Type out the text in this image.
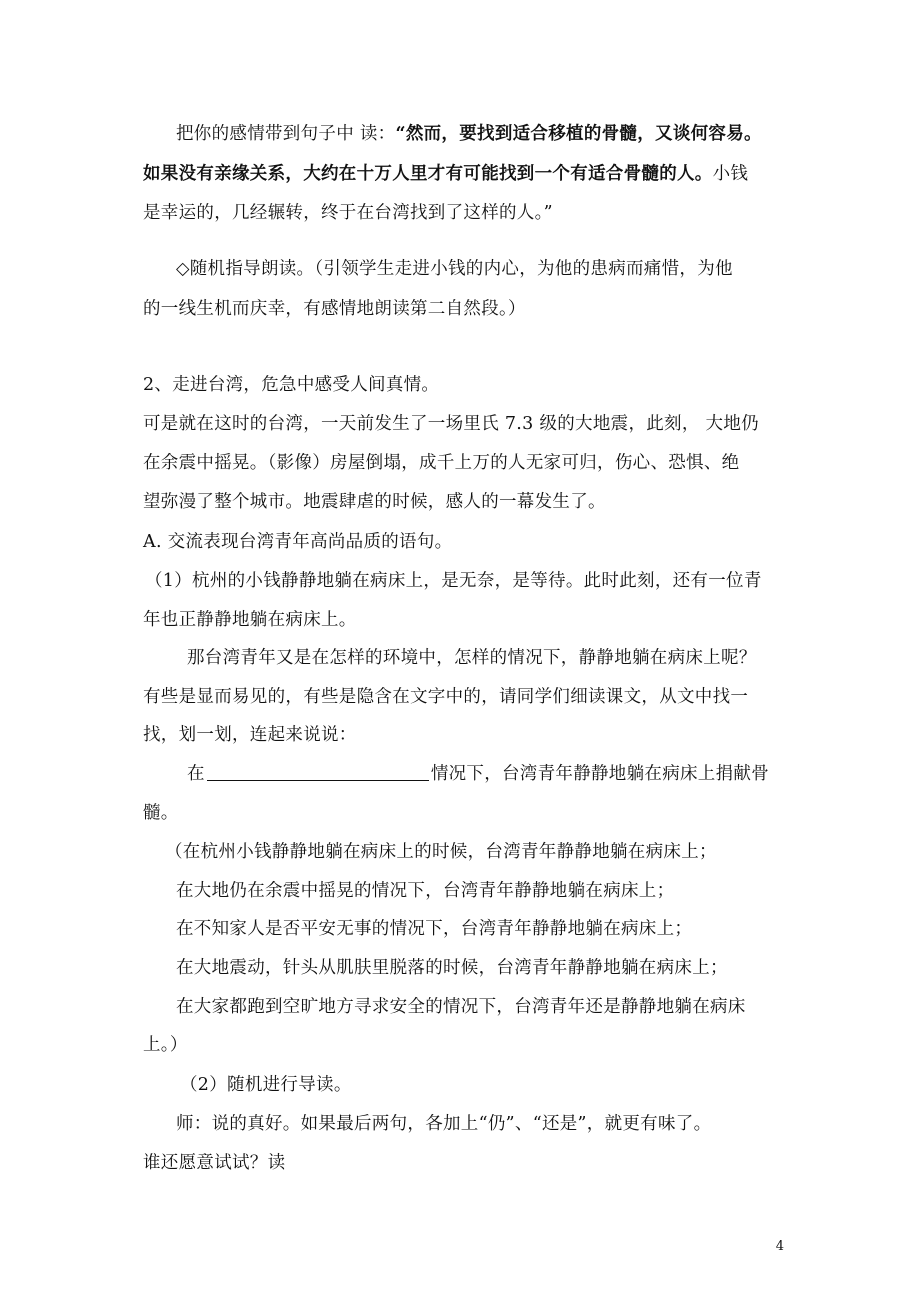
把你的感情带到句子中 读：“然而，要找到适合移植的骨髓，又谈何容易。
如果没有亲缘关系，大约在十万人里才有可能找到一个有适合骨髓的人。小钱
是幸运的，几经辗转，终于在台湾找到了这样的人。”
◇随机指导朗读。（引领学生走进小钱的内心，为他的患病而痛惜，为他
的一线生机而庆幸，有感情地朗读第二自然段。）
2、走进台湾，危急中感受人间真情。
可是就在这时的台湾，一天前发生了一场里氏 7.3 级的大地震，此刻， 大地仍
在余震中摇晃。（影像）房屋倒塌，成千上万的人无家可归，伤心、恐惧、绝
望弥漫了整个城市。地震肆虐的时候，感人的一幕发生了。
A. 交流表现台湾青年高尚品质的语句。
（1）杭州的小钱静静地躺在病床上，是无奈，是等待。此时此刻，还有一位青
年也正静静地躺在病床上。
那台湾青年又是在怎样的环境中，怎样的情况下，静静地躺在病床上呢？
有些是显而易见的，有些是隐含在文字中的，请同学们细读课文，从文中找一
找，划一划，连起来说说：
在	情况下，台湾青年静静地躺在病床上捐献骨
髓。
（在杭州小钱静静地躺在病床上的时候，台湾青年静静地躺在病床上；
在大地仍在余震中摇晃的情况下，台湾青年静静地躺在病床上；
在不知家人是否平安无事的情况下，台湾青年静静地躺在病床上；
在大地震动，针头从肌肤里脱落的时候，台湾青年静静地躺在病床上；
在大家都跑到空旷地方寻求安全的情况下，台湾青年还是静静地躺在病床
上。）
（2）随机进行导读。
师：说的真好。如果最后两句，各加上“仍”、“还是”，就更有味了。
谁还愿意试试？读
4
